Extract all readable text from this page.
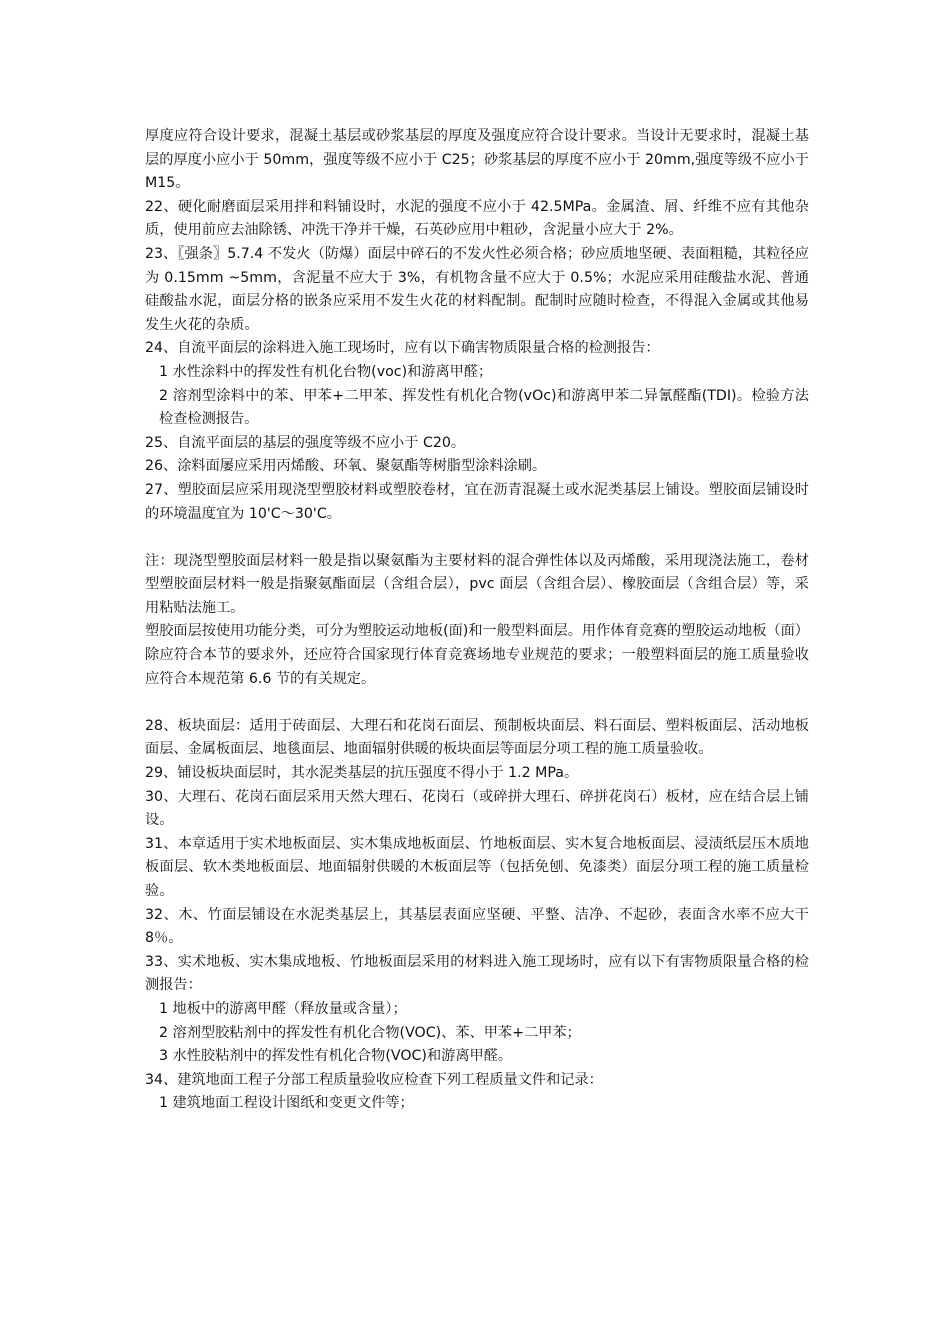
厚度应符合设计要求，混凝土基层或砂浆基层的厚度及强度应符合设计要求。当设计无要求时，混凝土基层的厚度小应小于 50mm，强度等级不应小于 C25；砂浆基层的厚度不应小于 20mm,强度等级不应小于 M15。

22、硬化耐磨面层采用拌和料铺设时，水泥的强度不应小于 42.5MPa。金属渣、屑、纤维不应有其他杂质，使用前应去油除锈、冲洗干净并干燥，石英砂应用中粗砂，含泥量小应大于 2%。

23、〖强条〗5.7.4 不发火（防爆）面层中碎石的不发火性必须合格；砂应质地坚硬、表面粗糙，其粒径应为 0.15mm ~5mm，含泥量不应大于 3%，有机物含量不应大于 0.5%；水泥应采用硅酸盐水泥、普通硅酸盐水泥，面层分格的嵌条应采用不发生火花的材料配制。配制时应随时检查，不得混入金属或其他易发生火花的杂质。

24、自流平面层的涂料进入施工现场时，应有以下确害物质限量合格的检测报告：

1 水性涂料中的挥发性有机化台物(voc)和游离甲醛；

2 溶剂型涂料中的苯、甲苯+二甲苯、挥发性有机化合物(vOc)和游离甲苯二异氰醛酯(TDI)。检验方法检查检测报告。

25、自流平面层的基层的强度等级不应小于 C20。

26、涂料面屡应采用丙烯酸、环氧、聚氨酯等树脂型涂料涂刷。

27、塑胶面层应采用现浇型塑胶材料或塑胶卷材，宜在沥青混凝土或水泥类基层上铺设。塑胶面层铺设时的环境温度宜为 10'C～30'C。

注：现浇型塑胶面层材料一般是指以聚氨酯为主要材料的混合弹性体以及丙烯酸，采用现浇法施工，卷材型塑胶面层材料一般是指聚氨酯面层（含组合层），pvc 面层（含组合层）、橡胶面层（含组合层）等，采用粘贴法施工。

塑胶面层按使用功能分类，可分为塑胶运动地板(面)和一般型料面层。用作体育竞赛的塑胶运动地板（面）除应符合本节的要求外，还应符合国家现行体育竞赛场地专业规范的要求；一般塑料面层的施工质量验收应符合本规范第 6.6 节的有关规定。

28、板块面层：适用于砖面层、大理石和花岗石面层、预制板块面层、料石面层、塑料板面层、活动地板面层、金属板面层、地毯面层、地面辐射供暖的板块面层等面层分项工程的施工质量验收。

29、铺设板块面层时，其水泥类基层的抗压强度不得小于 1.2 MPa。

30、大理石、花岗石面层采用天然大理石、花岗石（或碎拼大理石、碎拼花岗石）板材，应在结合层上铺设。

31、本章适用于实术地板面层、实木集成地板面层、竹地板面层、实木复合地板面层、浸渍纸层压木质地板面层、软木类地板面层、地面辐射供暖的木板面层等（包括免刨、免漆类）面层分项工程的施工质量检验。

32、木、竹面层铺设在水泥类基层上，其基层表面应坚硬、平整、洁净、不起砂，表面含水率不应大干 8％。

33、实术地板、实木集成地板、竹地板面层采用的材料进入施工现场时，应有以下有害物质限量合格的检测报告：

1 地板中的游离甲醛（释放量或含量）；

2 溶剂型胶粘剂中的挥发性有机化合物(VOC)、苯、甲苯+二甲苯；

3 水性胶粘剂中的挥发性有机化合物(VOC)和游离甲醛。

34、建筑地面工程子分部工程质量验收应检查下列工程质量文件和记录：

1 建筑地面工程设计图纸和变更文件等；
